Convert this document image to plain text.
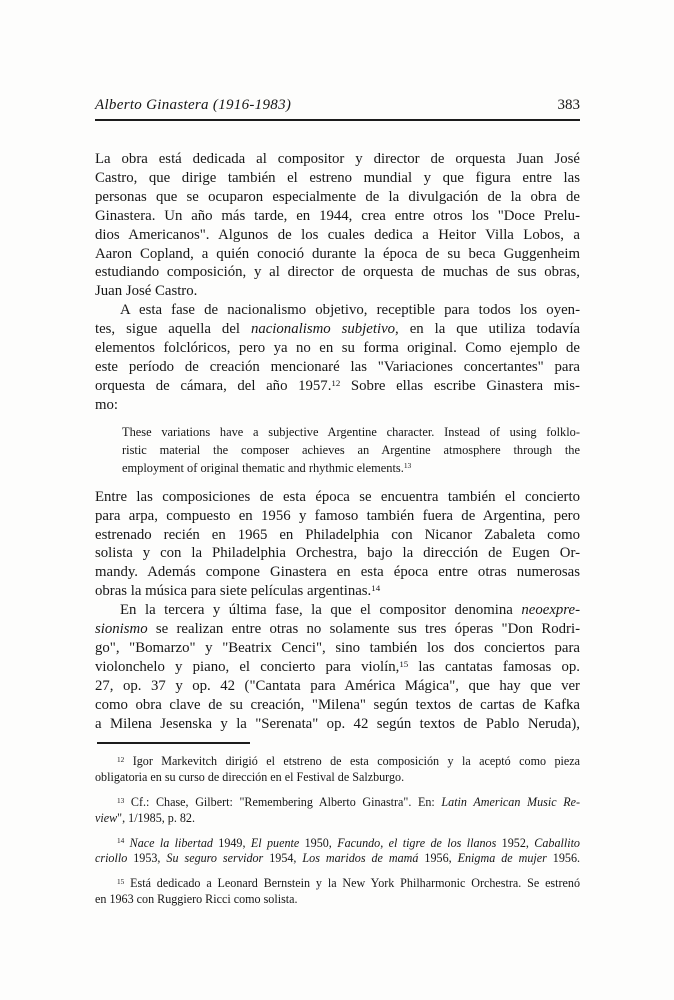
Alberto Ginastera (1916-1983)	383
La obra está dedicada al compositor y director de orquesta Juan José
Castro, que dirige también el estreno mundial y que figura entre las
personas que se ocuparon especialmente de la divulgación de la obra de
Ginastera. Un año más tarde, en 1944, crea entre otros los "Doce Prelu-
dios Americanos". Algunos de los cuales dedica a Heitor Villa Lobos, a
Aaron Copland, a quién conoció durante la época de su beca Guggenheim
estudiando composición, y al director de orquesta de muchas de sus obras,
Juan José Castro.
A esta fase de nacionalismo objetivo, receptible para todos los oyen-
tes, sigue aquella del nacionalismo subjetivo, en la que utiliza todavía
elementos folclóricos, pero ya no en su forma original. Como ejemplo de
este período de creación mencionaré las "Variaciones concertantes" para
orquesta de cámara, del año 1957.12 Sobre ellas escribe Ginastera mis-
mo:
These variations have a subjective Argentine character. Instead of using folklo-
ristic material the composer achieves an Argentine atmosphere through the
employment of original thematic and rhythmic elements.$^{13}$
Entre las composiciones de esta época se encuentra también el concierto
para arpa, compuesto en 1956 y famoso también fuera de Argentina, pero
estrenado recién en 1965 en Philadelphia con Nicanor Zabaleta como
solista y con la Philadelphia Orchestra, bajo la dirección de Eugen Or-
mandy. Además compone Ginastera en esta época entre otras numerosas
obras la música para siete películas argentinas.$^{14}$
En la tercera y última fase, la que el compositor denomina neoexpre-
sionismo se realizan entre otras no solamente sus tres óperas "Don Rodri-
go", "Bomarzo" y "Beatrix Cenci", sino también los dos conciertos para
violonchelo y piano, el concierto para violín,$^{15}$ las cantatas famosas op.
27, op. 37 y op. 42 ("Cantata para América Mágica", que hay que ver
como obra clave de su creación, "Milena" según textos de cartas de Kafka
a Milena Jesenska y la "Serenata" op. 42 según textos de Pablo Neruda),
$^{12}$ Igor Markevitch dirigió el etstreno de esta composición y la aceptó como pieza
obligatoria en su curso de dirección en el Festival de Salzburgo.
$^{13}$ Cf.: Chase, Gilbert: "Remembering Alberto Ginastra". En: Latin American Music Re-
view", 1/1985, p. 82.
$^{14}$ Nace la libertad 1949, El puente 1950, Facundo, el tigre de los llanos 1952, Caballito
criollo 1953, Su seguro servidor 1954, Los maridos de mamá 1956, Enigma de mujer 1956.
$^{15}$ Está dedicado a Leonard Bernstein y la New York Philharmonic Orchestra. Se estrenó
en 1963 con Ruggiero Ricci como solista.
